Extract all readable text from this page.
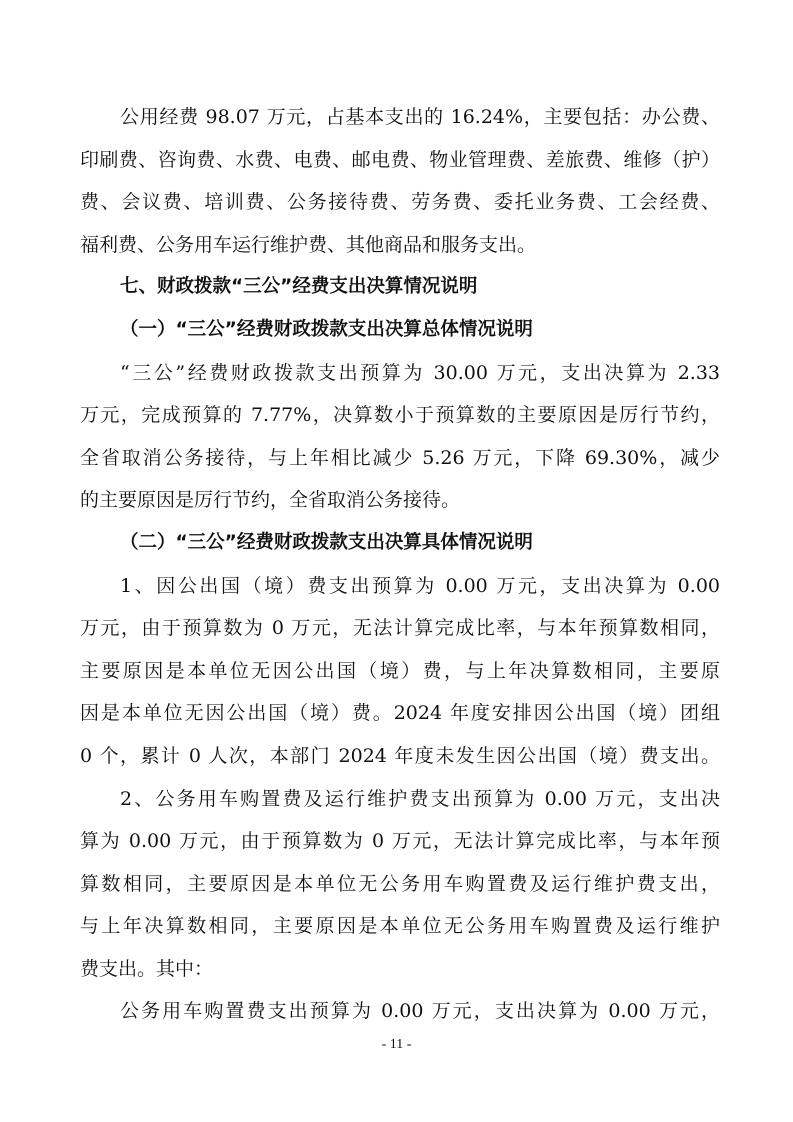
公用经费 98.07 万元，占基本支出的 16.24%，主要包括：办公费、
印刷费、咨询费、水费、电费、邮电费、物业管理费、差旅费、维修（护）
费、会议费、培训费、公务接待费、劳务费、委托业务费、工会经费、
福利费、公务用车运行维护费、其他商品和服务支出。
七、财政拨款“三公”经费支出决算情况说明
（一）“三公”经费财政拨款支出决算总体情况说明
“三公”经费财政拨款支出预算为 30.00 万元，支出决算为 2.33
万元，完成预算的 7.77%，决算数小于预算数的主要原因是厉行节约，
全省取消公务接待，与上年相比减少 5.26 万元，下降 69.30%，减少
的主要原因是厉行节约，全省取消公务接待。
（二）“三公”经费财政拨款支出决算具体情况说明
1、因公出国（境）费支出预算为 0.00 万元，支出决算为 0.00
万元，由于预算数为 0 万元，无法计算完成比率，与本年预算数相同，
主要原因是本单位无因公出国（境）费，与上年决算数相同，主要原
因是本单位无因公出国（境）费。2024 年度安排因公出国（境）团组
0 个，累计 0 人次，本部门 2024 年度未发生因公出国（境）费支出。
2、公务用车购置费及运行维护费支出预算为 0.00 万元，支出决
算为 0.00 万元，由于预算数为 0 万元，无法计算完成比率，与本年预
算数相同，主要原因是本单位无公务用车购置费及运行维护费支出，
与上年决算数相同，主要原因是本单位无公务用车购置费及运行维护
费支出。其中：
公务用车购置费支出预算为 0.00 万元，支出决算为 0.00 万元，
- 11 -
